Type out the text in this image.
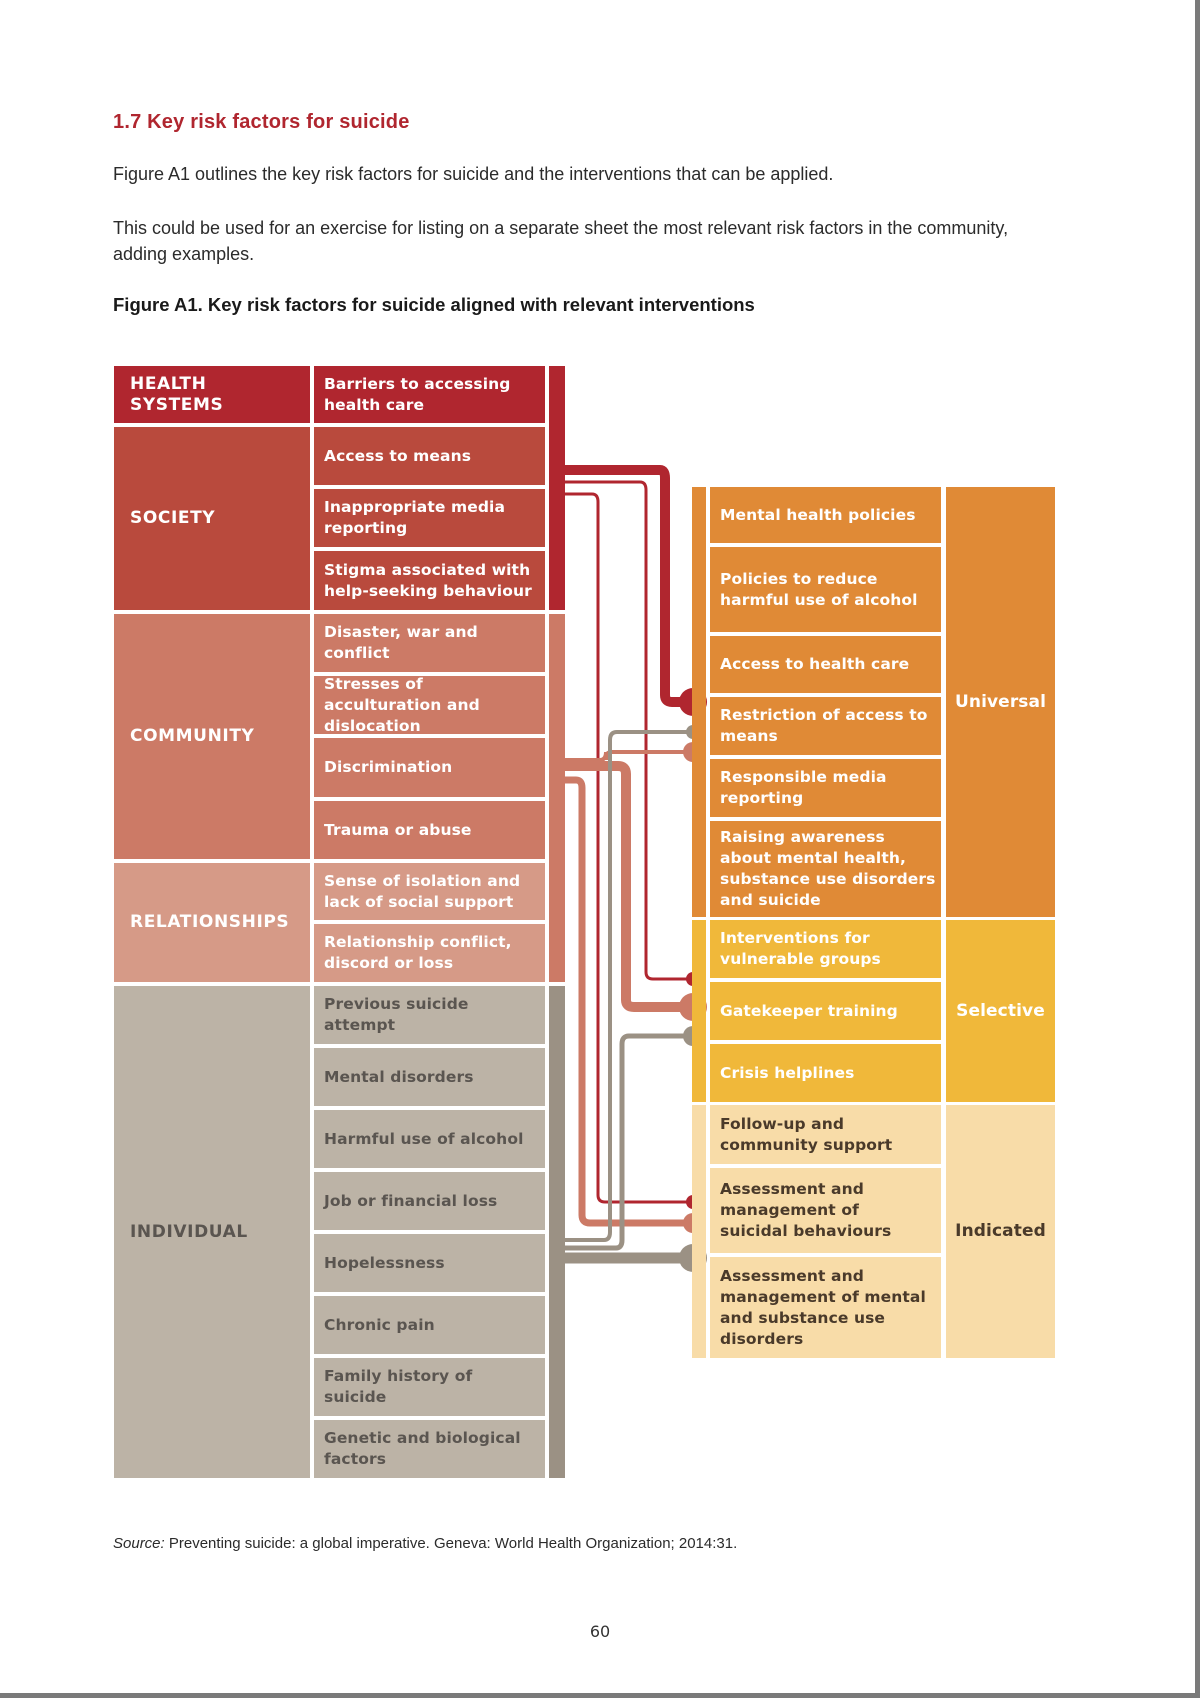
1.7 Key risk factors for suicide
Figure A1 outlines the key risk factors for suicide and the interventions that can be applied.
This could be used for an exercise for listing on a separate sheet the most relevant risk factors in the community, adding examples.
Figure A1. Key risk factors for suicide aligned with relevant interventions
HEALTH SYSTEMS
SOCIETY
COMMUNITY
RELATIONSHIPS
INDIVIDUAL
Barriers to accessing health care
Access to means
Inappropriate media reporting
Stigma associated with help-seeking behaviour
Disaster, war and conflict
Stresses of acculturation and dislocation
Discrimination
Trauma or abuse
Sense of isolation and lack of social support
Relationship conflict, discord or loss
Previous suicide attempt
Mental disorders
Harmful use of alcohol
Job or financial loss
Hopelessness
Chronic pain
Family history of suicide
Genetic and biological factors
Mental health policies
Policies to reduce harmful use of alcohol
Access to health care
Restriction of access to means
Responsible media reporting
Raising awareness about mental health, substance use disorders and suicide
Interventions for vulnerable groups
Gatekeeper training
Crisis helplines
Follow-up and community support
Assessment and management of suicidal behaviours
Assessment and management of mental and substance use disorders
Universal
Selective
Indicated
Source: Preventing suicide: a global imperative. Geneva: World Health Organization; 2014:31.
60
